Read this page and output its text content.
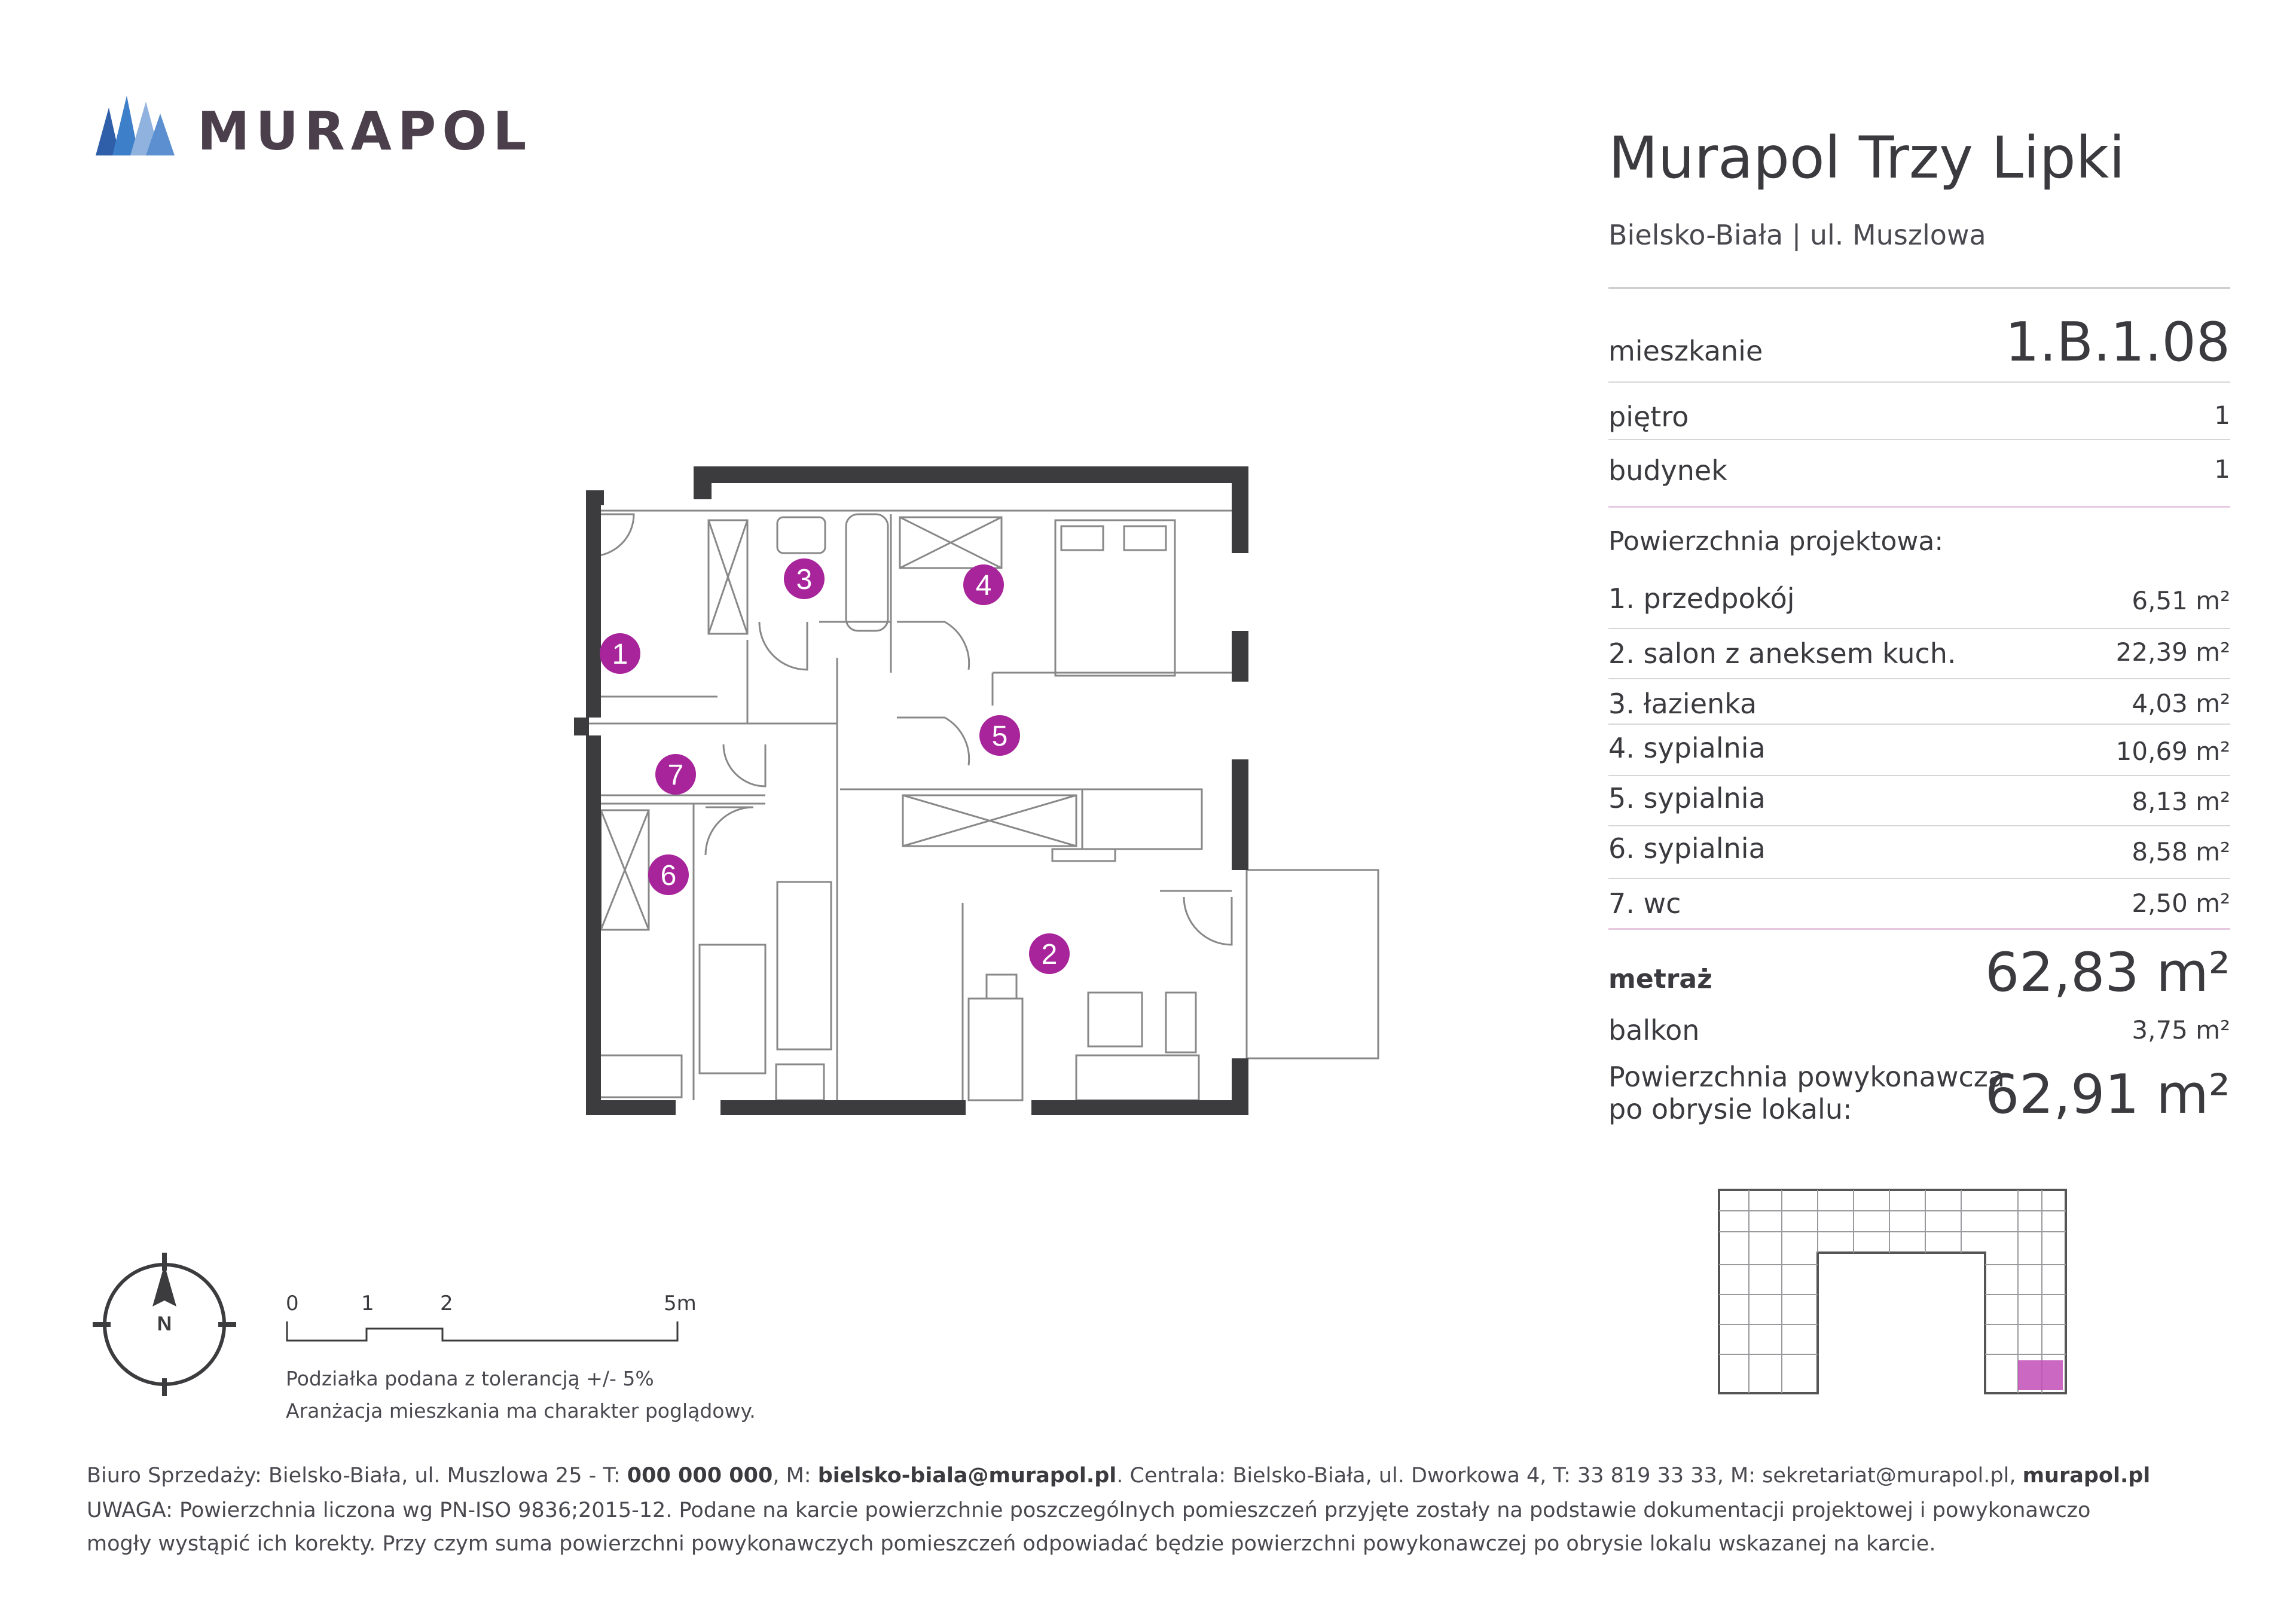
MURAPOL	Murapol Trzy Lipki
Bielsko-Biała | ul. Muszlowa
mieszkanie	1.B.1.08
piętro	1
budynek	1
Powierzchnia projektowa:
1. przedpokój	6,51 m²
2. salon z aneksem kuch.	22,39 m²
3. łazienka	4,03 m²
4. sypialnia	10,69 m²
5. sypialnia	8,13 m²
6. sypialnia	8,58 m²
7. wc	2,50 m²
metraż	62,83 m²
balkon	3,75 m²
Powierzchnia powykonawcza
po obrysie lokalu: 62,91 m²
1
2
3	4
5
6
7
N
0	1	2	5m
Podziałka podana z tolerancją +/- 5%
Aranżacja mieszkania ma charakter poglądowy.
Biuro Sprzedaży: Bielsko-Biała, ul. Muszlowa 25 - T: 000 000 000, M: bielsko-biala@murapol.pl. Centrala: Bielsko-Biała, ul. Dworkowa 4, T: 33 819 33 33, M: sekretariat@murapol.pl, murapol.pl
UWAGA: Powierzchnia liczona wg PN-ISO 9836;2015-12. Podane na karcie powierzchnie poszczególnych pomieszczeń przyjęte zostały na podstawie dokumentacji projektowej i powykonawczo
mogły wystąpić ich korekty. Przy czym suma powierzchni powykonawczych pomieszczeń odpowiadać będzie powierzchni powykonawczej po obrysie lokalu wskazanej na karcie.
